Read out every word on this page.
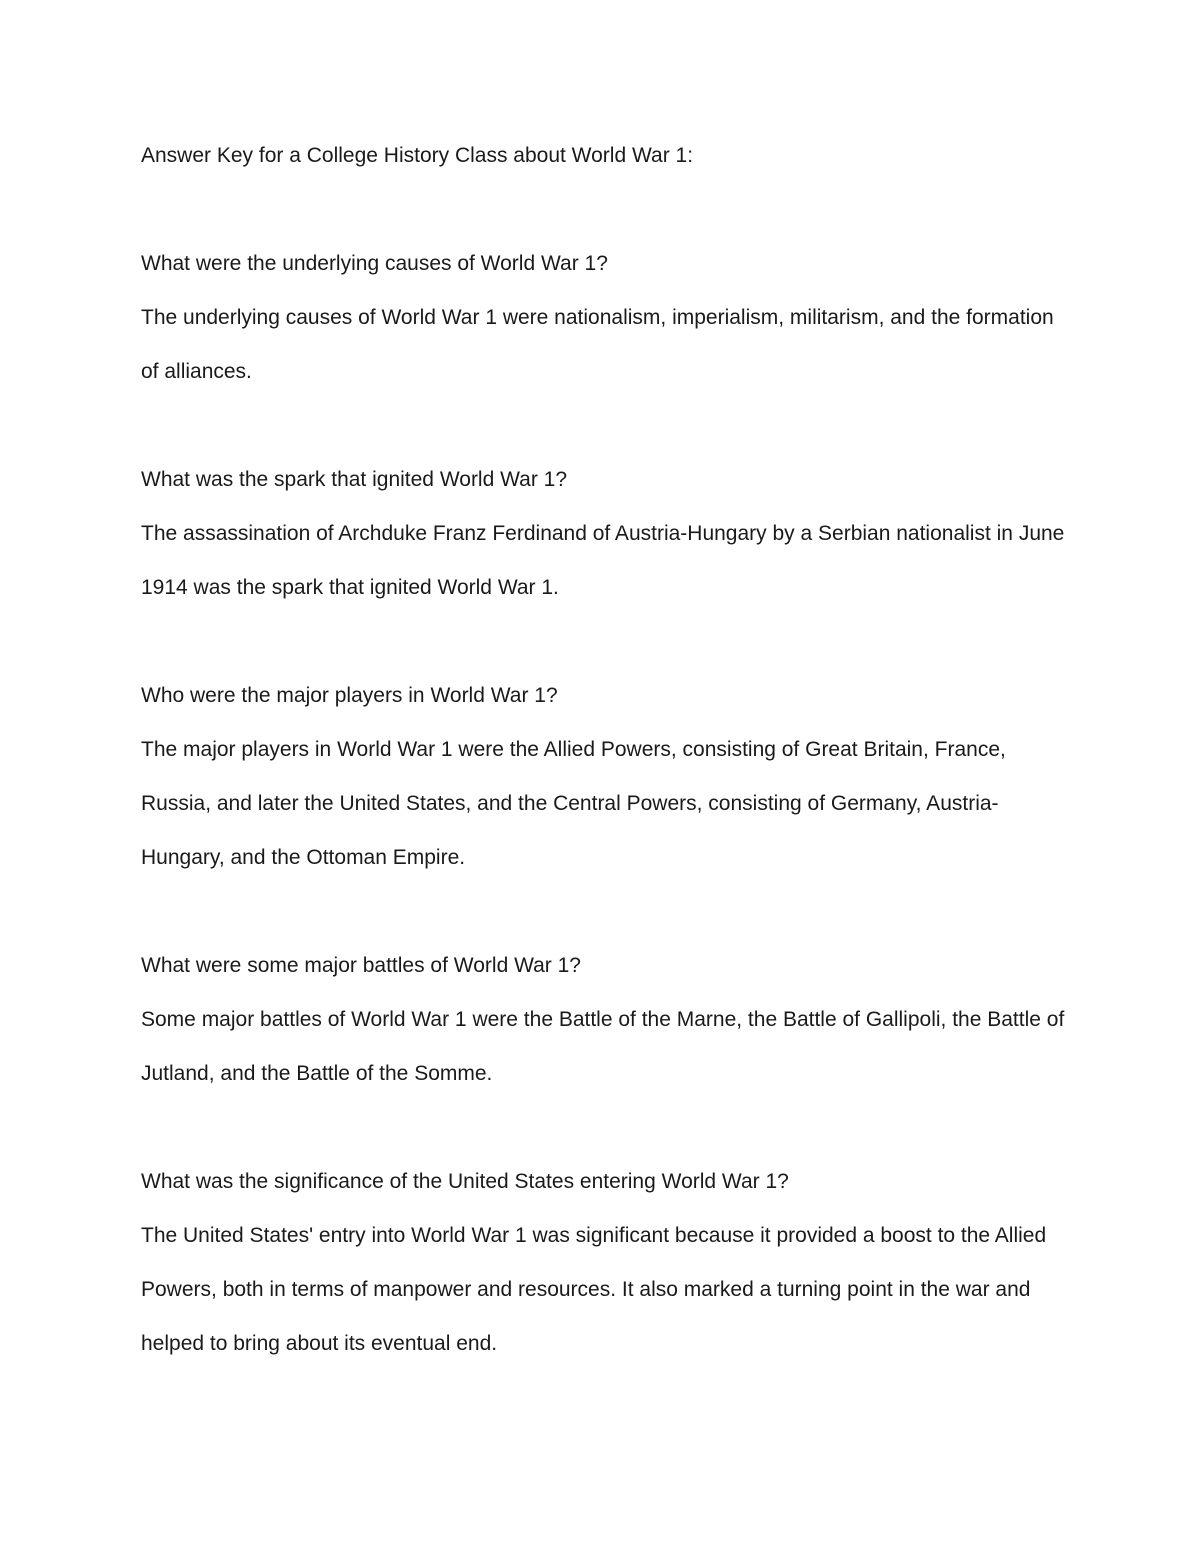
Answer Key for a College History Class about World War 1:

What were the underlying causes of World War 1?

The underlying causes of World War 1 were nationalism, imperialism, militarism, and the formation of alliances.

What was the spark that ignited World War 1?

The assassination of Archduke Franz Ferdinand of Austria-Hungary by a Serbian nationalist in June 1914 was the spark that ignited World War 1.

Who were the major players in World War 1?

The major players in World War 1 were the Allied Powers, consisting of Great Britain, France, Russia, and later the United States, and the Central Powers, consisting of Germany, Austria-Hungary, and the Ottoman Empire.

What were some major battles of World War 1?

Some major battles of World War 1 were the Battle of the Marne, the Battle of Gallipoli, the Battle of Jutland, and the Battle of the Somme.

What was the significance of the United States entering World War 1?

The United States' entry into World War 1 was significant because it provided a boost to the Allied Powers, both in terms of manpower and resources. It also marked a turning point in the war and helped to bring about its eventual end.
